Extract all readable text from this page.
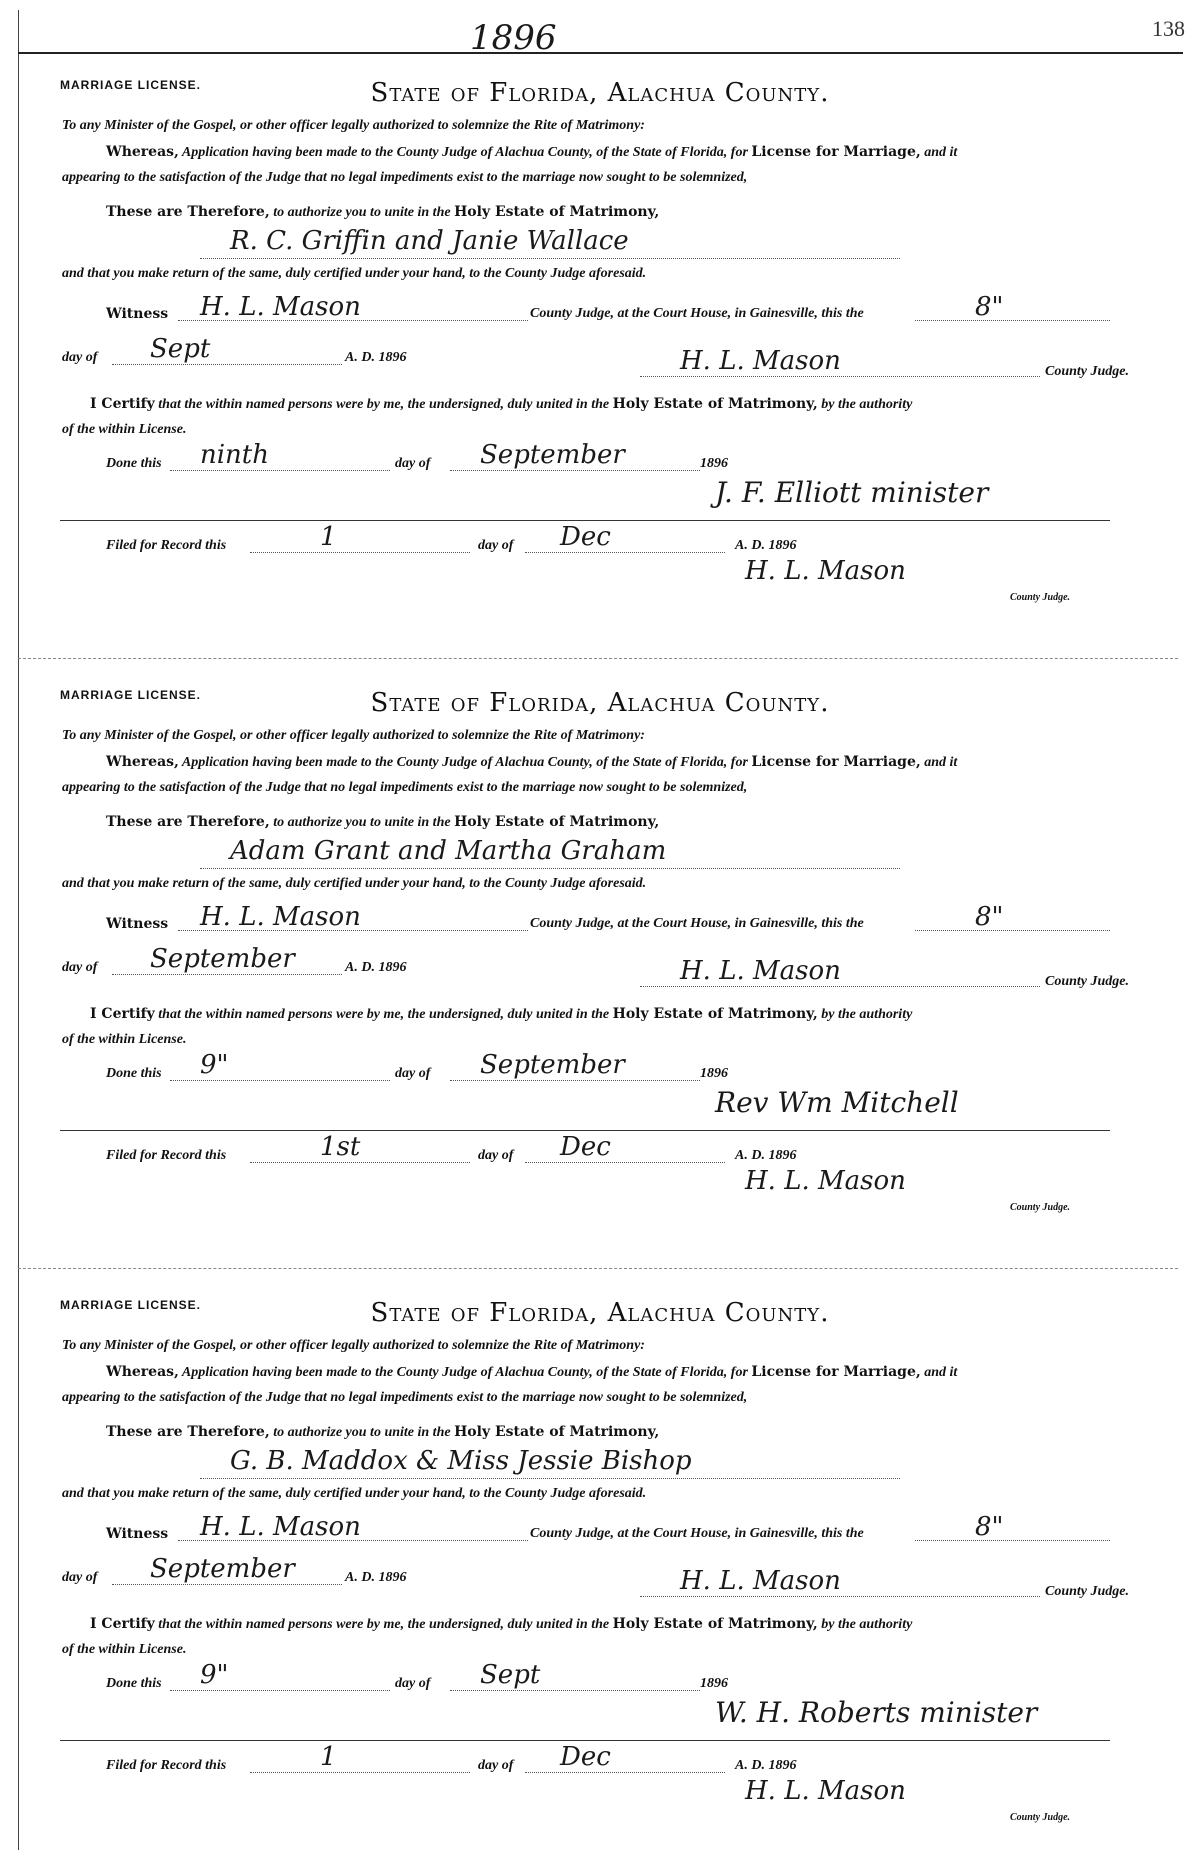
1896	138
MARRIAGE LICENSE.	State of Florida, Alachua County.
To any Minister of the Gospel, or other officer legally authorized to solemnize the Rite of Matrimony:
Whereas, Application having been made to the County Judge of Alachua County, of the State of Florida, for License for Marriage, and it
appearing to the satisfaction of the Judge that no legal impediments exist to the marriage now sought to be solemnized,
These are Therefore, to authorize you to unite in the Holy Estate of Matrimony,
R. C. Griffin and Janie Wallace
and that you make return of the same, duly certified under your hand, to the County Judge aforesaid.
Witness H. L. Mason	County Judge, at the Court House, in Gainesville, this the	8"
day of Sept	A. D. 1896	H. L. Mason	County Judge.
I Certify that the within named persons were by me, the undersigned, duly united in the Holy Estate of Matrimony, by the authority
of the within License.
Done this ninth	day of September	1896
J. F. Elliott minister
Filed for Record this	1	day of Dec	A. D. 1896
H. L. Mason
County Judge.
MARRIAGE LICENSE.	State of Florida, Alachua County.
To any Minister of the Gospel, or other officer legally authorized to solemnize the Rite of Matrimony:
Whereas, Application having been made to the County Judge of Alachua County, of the State of Florida, for License for Marriage, and it
appearing to the satisfaction of the Judge that no legal impediments exist to the marriage now sought to be solemnized,
These are Therefore, to authorize you to unite in the Holy Estate of Matrimony,
Adam Grant and Martha Graham
and that you make return of the same, duly certified under your hand, to the County Judge aforesaid.
Witness H. L. Mason	County Judge, at the Court House, in Gainesville, this the	8"
day of September	A. D. 1896	H. L. Mason	County Judge.
I Certify that the within named persons were by me, the undersigned, duly united in the Holy Estate of Matrimony, by the authority
of the within License.
Done this 9"	day of September	1896
Rev Wm Mitchell
Filed for Record this	1st	day of Dec	A. D. 1896
H. L. Mason
County Judge.
MARRIAGE LICENSE.	State of Florida, Alachua County.
To any Minister of the Gospel, or other officer legally authorized to solemnize the Rite of Matrimony:
Whereas, Application having been made to the County Judge of Alachua County, of the State of Florida, for License for Marriage, and it
appearing to the satisfaction of the Judge that no legal impediments exist to the marriage now sought to be solemnized,
These are Therefore, to authorize you to unite in the Holy Estate of Matrimony,
G. B. Maddox & Miss Jessie Bishop
and that you make return of the same, duly certified under your hand, to the County Judge aforesaid.
Witness H. L. Mason	County Judge, at the Court House, in Gainesville, this the	8"
day of September	A. D. 1896	H. L. Mason	County Judge.
I Certify that the within named persons were by me, the undersigned, duly united in the Holy Estate of Matrimony, by the authority
of the within License.
Done this 9"	day of Sept	1896
W. H. Roberts minister
Filed for Record this	1	day of Dec	A. D. 1896
H. L. Mason
County Judge.
